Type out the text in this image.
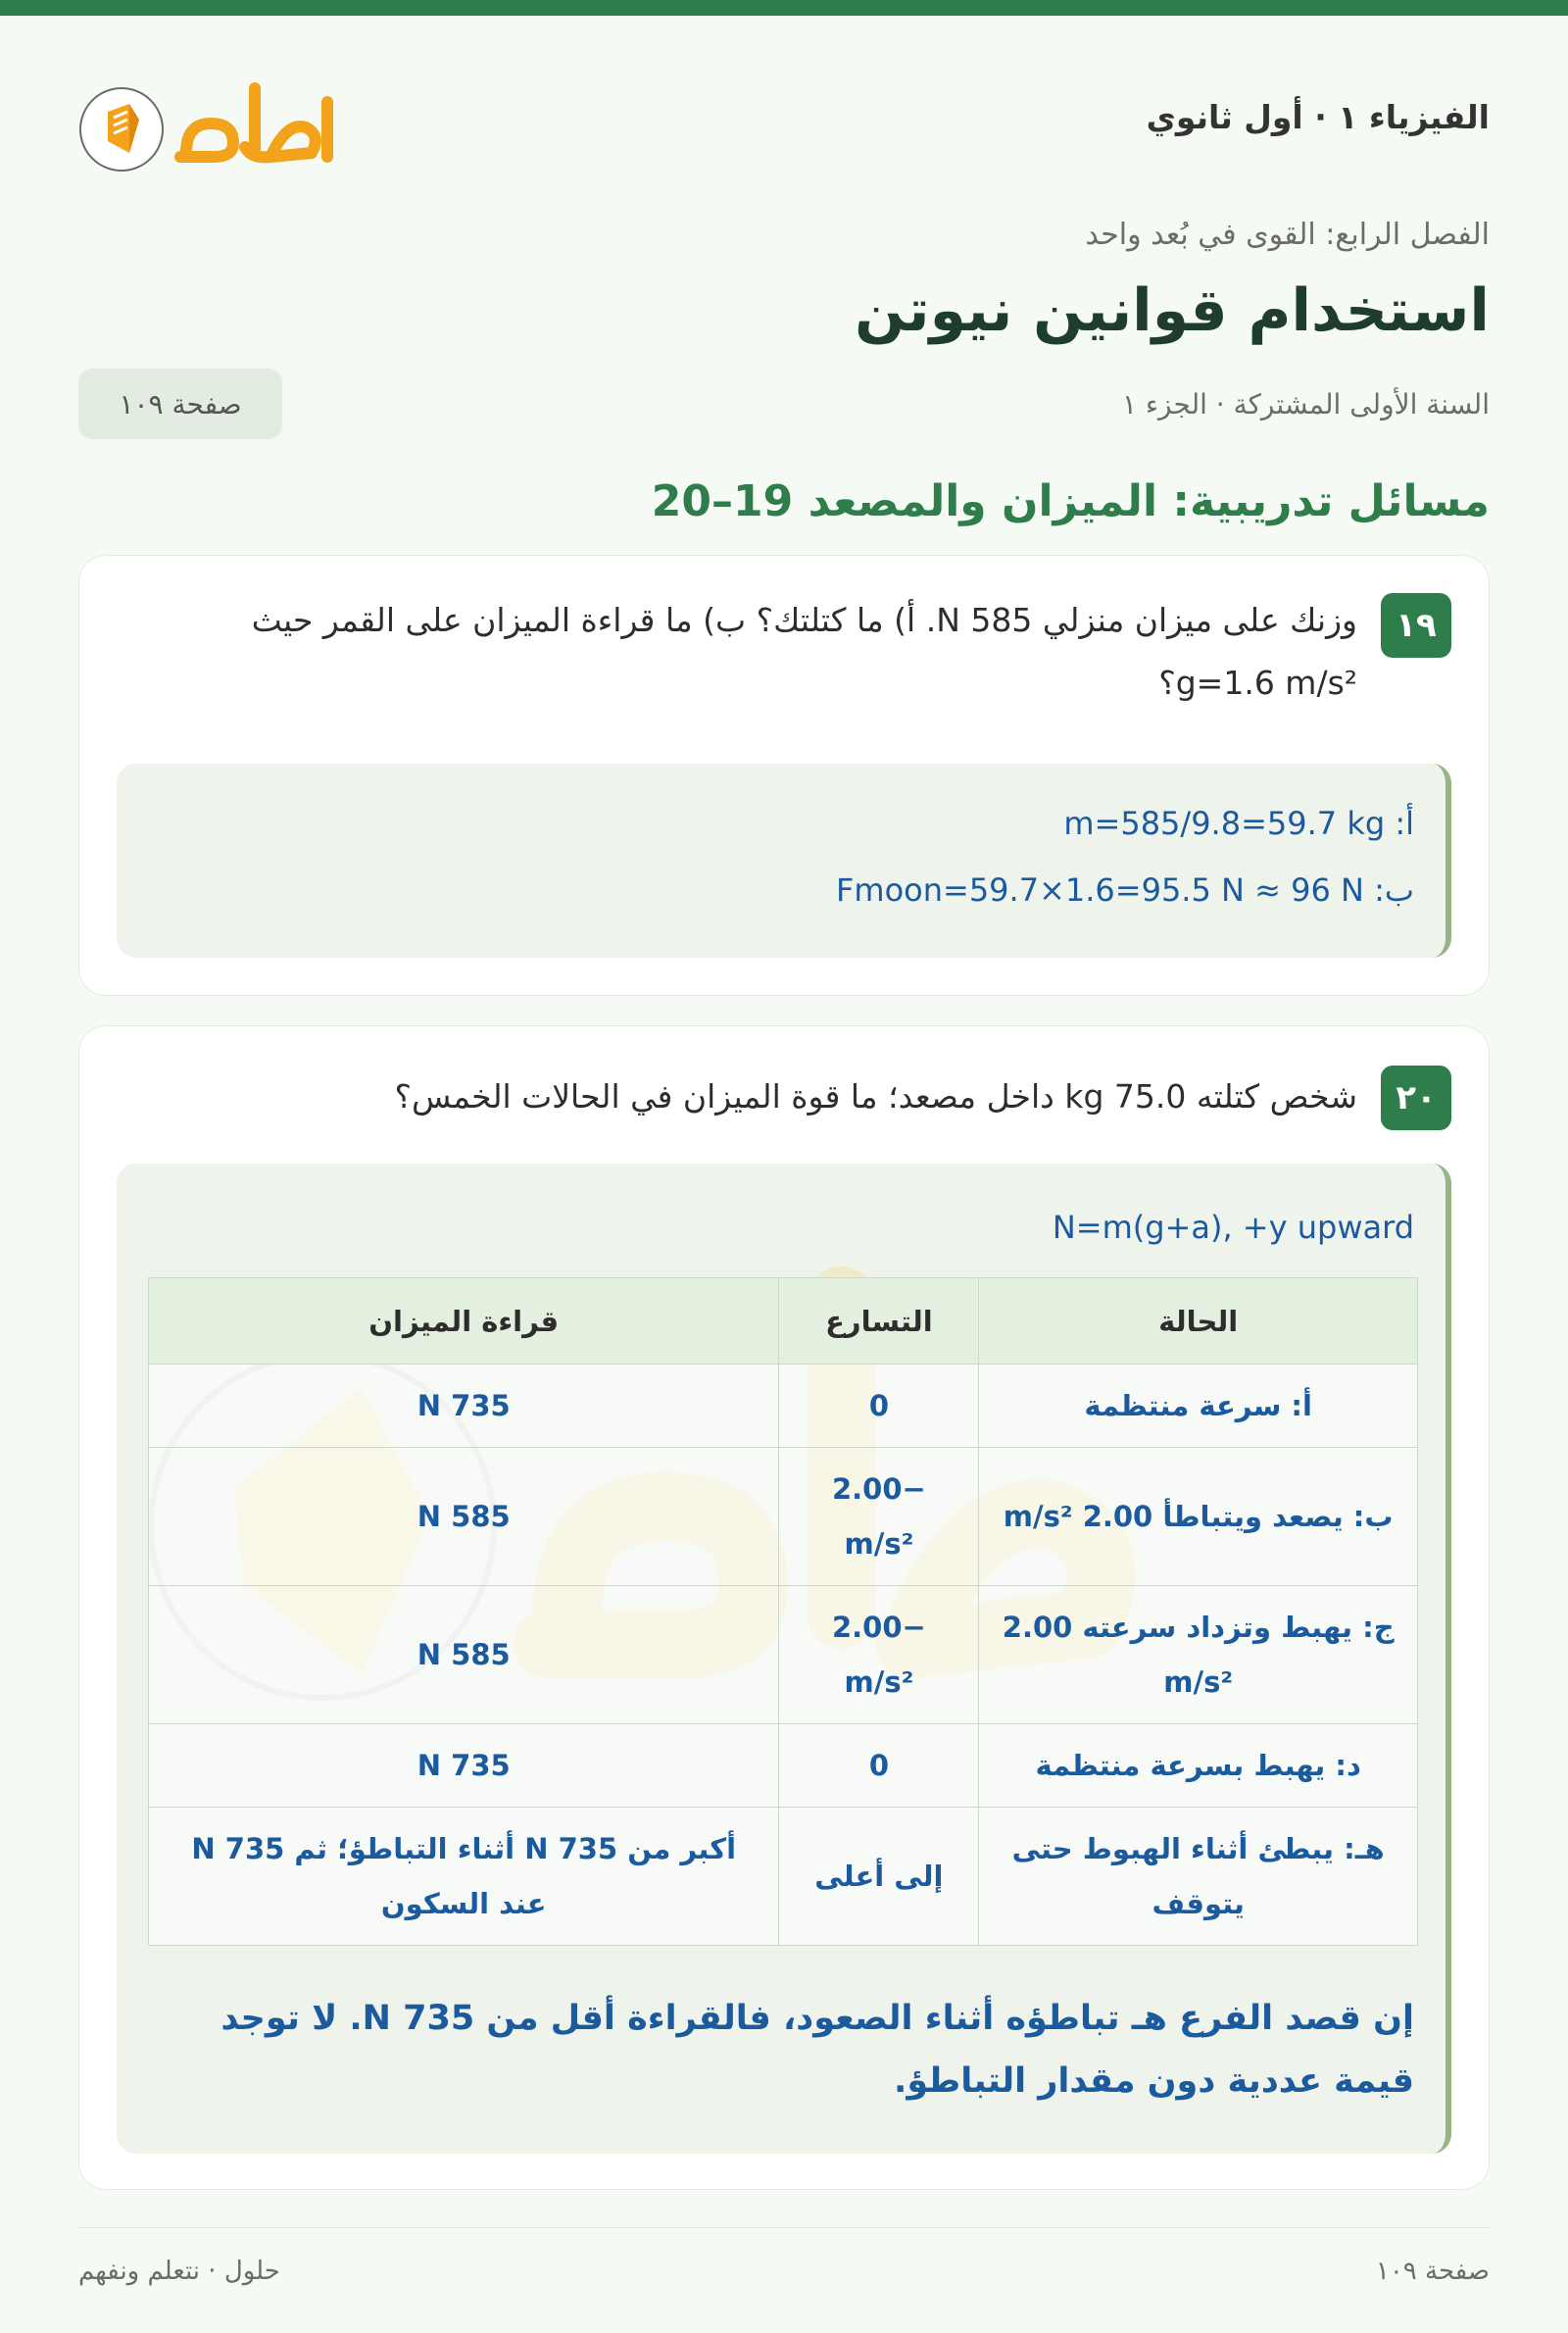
الفيزياء ١ · أول ثانوي
الفصل الرابع: القوى في بُعد واحد
استخدام قوانين نيوتن
السنة الأولى المشتركة · الجزء ١
صفحة ١٠٩
مسائل تدريبية: الميزان والمصعد 19–20
١٩
وزنك على ميزان منزلي 585 N. أ) ما كتلتك؟ ب) ما قراءة الميزان على القمر حيث
g=1.6 m/s²؟
أ: m=585/9.8=59.7 kg
ب: Fmoon=59.7×1.6=95.5 N ≈ 96 N
٢٠
شخص كتلته 75.0 kg داخل مصعد؛ ما قوة الميزان في الحالات الخمس؟
N=m(g+a), +y upward
الحالة	التسارع	قراءة الميزان
أ: سرعة منتظمة	0	735 N
ب: يصعد ويتباطأ 2.00 m/s²	−2.00 m/s²	585 N
ج: يهبط وتزداد سرعته 2.00 m/s²	−2.00 m/s²	585 N
د: يهبط بسرعة منتظمة	0	735 N
هـ: يبطئ أثناء الهبوط حتى يتوقف	إلى أعلى	أكبر من 735 N أثناء التباطؤ؛ ثم 735 N عند السكون
إن قصد الفرع هـ تباطؤه أثناء الصعود، فالقراءة أقل من 735 N. لا توجد قيمة عددية دون مقدار التباطؤ.
حلول · نتعلم ونفهم	صفحة ١٠٩
